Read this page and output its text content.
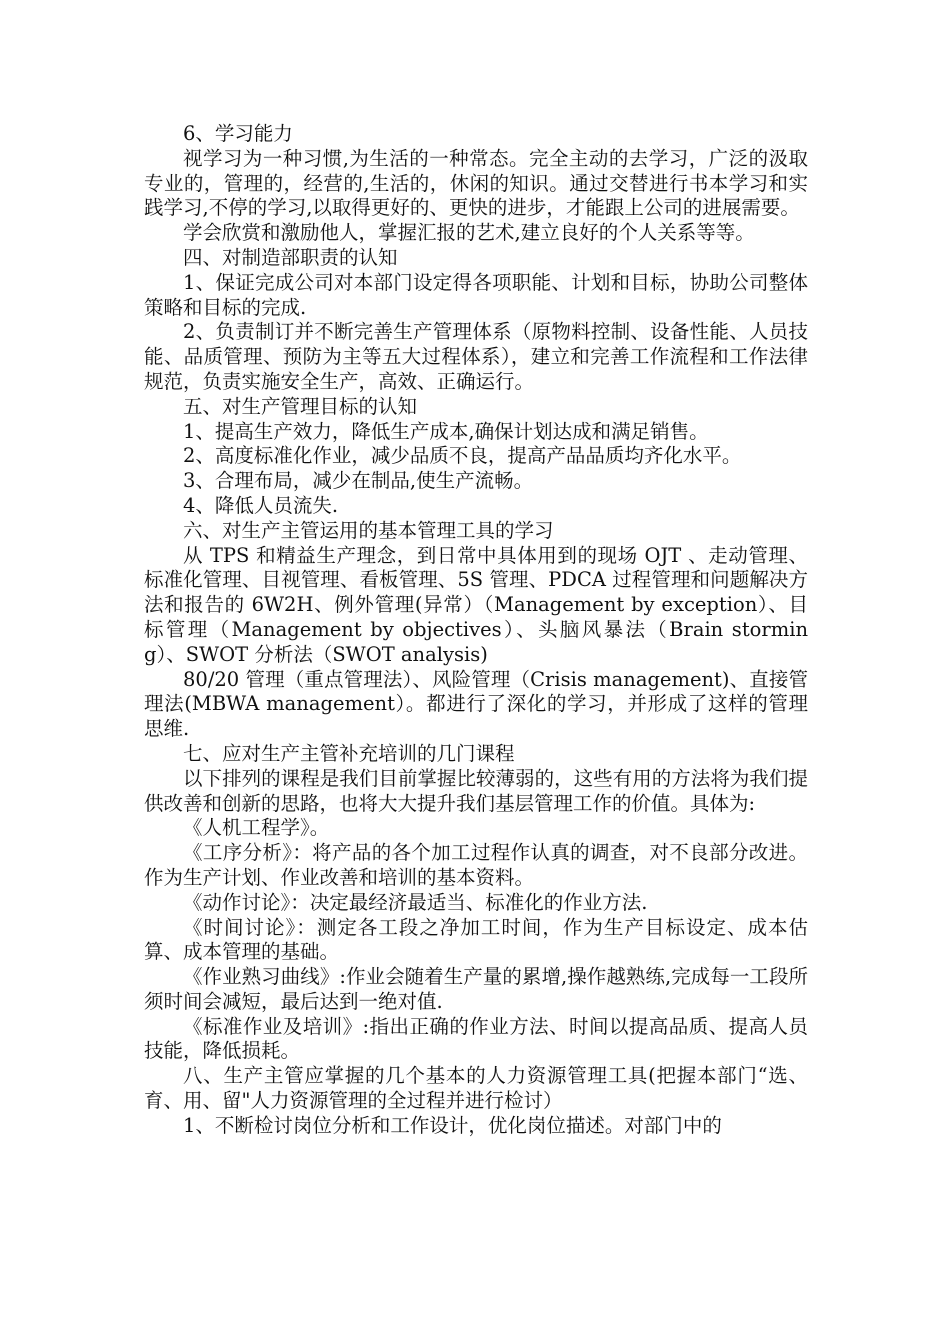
6、学习能力

视学习为一种习惯,为生活的一种常态。完全主动的去学习，广泛的汲取专业的，管理的，经营的,生活的，休闲的知识。通过交替进行书本学习和实践学习,不停的学习,以取得更好的、更快的进步，才能跟上公司的进展需要。

学会欣赏和激励他人，掌握汇报的艺术,建立良好的个人关系等等。

四、对制造部职责的认知

1、保证完成公司对本部门设定得各项职能、计划和目标，协助公司整体策略和目标的完成.

2、负责制订并不断完善生产管理体系（原物料控制、设备性能、人员技能、品质管理、预防为主等五大过程体系），建立和完善工作流程和工作法律规范，负责实施安全生产，高效、正确运行。

五、对生产管理目标的认知

1、提高生产效力，降低生产成本,确保计划达成和满足销售。

2、高度标准化作业，减少品质不良，提高产品品质均齐化水平。

3、合理布局，减少在制品,使生产流畅。

4、降低人员流失.

六、对生产主管运用的基本管理工具的学习

从 TPS 和精益生产理念，到日常中具体用到的现场 OJT 、走动管理、标准化管理、目视管理、看板管理、5S 管理、PDCA 过程管理和问题解决方法和报告的 6W2H、例外管理(异常）（Management by exception）、目标管理（Management by objectives）、头脑风暴法（Brain storming）、SWOT 分析法（SWOT analysis)

80/20 管理（重点管理法）、风险管理（Crisis management)、直接管理法(MBWA management）。都进行了深化的学习，并形成了这样的管理思维.

七、应对生产主管补充培训的几门课程

以下排列的课程是我们目前掌握比较薄弱的，这些有用的方法将为我们提供改善和创新的思路，也将大大提升我们基层管理工作的价值。具体为:

《人机工程学》。

《工序分析》：将产品的各个加工过程作认真的调查，对不良部分改进。作为生产计划、作业改善和培训的基本资料。

《动作讨论》：决定最经济最适当、标准化的作业方法.

《时间讨论》：测定各工段之净加工时间，作为生产目标设定、成本估算、成本管理的基础。

《作业熟习曲线》:作业会随着生产量的累增,操作越熟练,完成每一工段所须时间会减短，最后达到一绝对值.

《标准作业及培训》:指出正确的作业方法、时间以提高品质、提高人员技能，降低损耗。

八、生产主管应掌握的几个基本的人力资源管理工具(把握本部门“选、育、用、留"人力资源管理的全过程并进行检讨）

1、不断检讨岗位分析和工作设计，优化岗位描述。对部门中的
